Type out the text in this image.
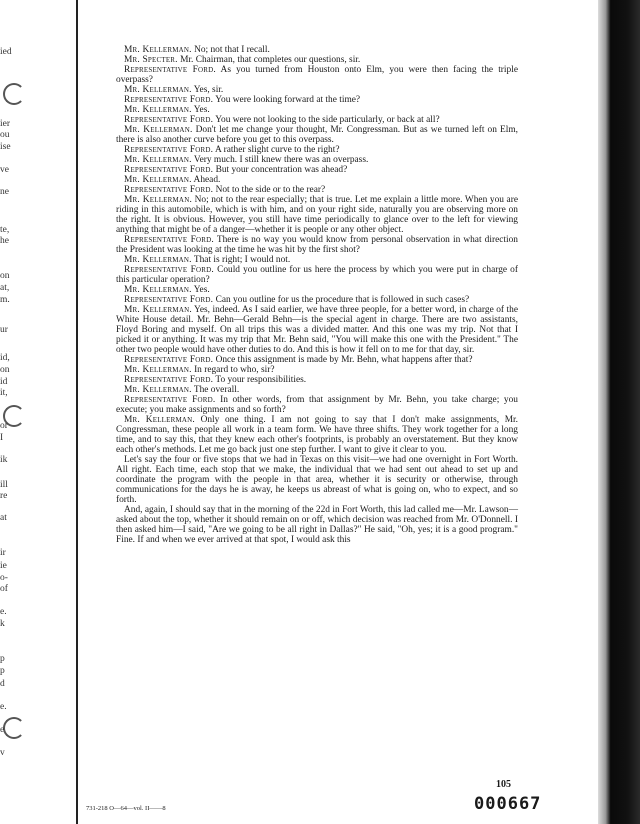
ied
ier
ou
ise
ve
ne
te,
he
on
at,
m.
ur
id,
on
id
it,
or
I
ik
ill
re
at
ir
ie
o-
of
e.
k
p
p
d
e.
e
v

Mr. Kellerman. No; not that I recall.

Mr. Specter. Mr. Chairman, that completes our questions, sir.

Representative Ford. As you turned from Houston onto Elm, you were then facing the triple overpass?

Mr. Kellerman. Yes, sir.

Representative Ford. You were looking forward at the time?

Mr. Kellerman. Yes.

Representative Ford. You were not looking to the side particularly, or back at all?

Mr. Kellerman. Don't let me change your thought, Mr. Congressman. But as we turned left on Elm, there is also another curve before you get to this overpass.

Representative Ford. A rather slight curve to the right?

Mr. Kellerman. Very much. I still knew there was an overpass.

Representative Ford. But your concentration was ahead?

Mr. Kellerman. Ahead.

Representative Ford. Not to the side or to the rear?

Mr. Kellerman. No; not to the rear especially; that is true. Let me explain a little more. When you are riding in this automobile, which is with him, and on your right side, naturally you are observing more on the right. It is obvious. However, you still have time periodically to glance over to the left for viewing anything that might be of a danger—whether it is people or any other object.

Representative Ford. There is no way you would know from personal observation in what direction the President was looking at the time he was hit by the first shot?

Mr. Kellerman. That is right; I would not.

Representative Ford. Could you outline for us here the process by which you were put in charge of this particular operation?

Mr. Kellerman. Yes.

Representative Ford. Can you outline for us the procedure that is followed in such cases?

Mr. Kellerman. Yes, indeed. As I said earlier, we have three people, for a better word, in charge of the White House detail. Mr. Behn—Gerald Behn—is the special agent in charge. There are two assistants, Floyd Boring and myself. On all trips this was a divided matter. And this one was my trip. Not that I picked it or anything. It was my trip that Mr. Behn said, "You will make this one with the President." The other two people would have other duties to do. And this is how it fell on to me for that day, sir.

Representative Ford. Once this assignment is made by Mr. Behn, what happens after that?

Mr. Kellerman. In regard to who, sir?

Representative Ford. To your responsibilities.

Mr. Kellerman. The overall.

Representative Ford. In other words, from that assignment by Mr. Behn, you take charge; you execute; you make assignments and so forth?

Mr. Kellerman. Only one thing. I am not going to say that I don't make assignments, Mr. Congressman, these people all work in a team form. We have three shifts. They work together for a long time, and to say this, that they knew each other's footprints, is probably an overstatement. But they know each other's methods. Let me go back just one step further. I want to give it clear to you.

Let's say the four or five stops that we had in Texas on this visit—we had one overnight in Fort Worth. All right. Each time, each stop that we make, the individual that we had sent out ahead to set up and coordinate the program with the people in that area, whether it is security or otherwise, through communications for the days he is away, he keeps us abreast of what is going on, who to expect, and so forth.

And, again, I should say that in the morning of the 22d in Fort Worth, this lad called me—Mr. Lawson—asked about the top, whether it should remain on or off, which decision was reached from Mr. O'Donnell. I then asked him—I said, "Are we going to be all right in Dallas?" He said, "Oh, yes; it is a good program." Fine. If and when we ever arrived at that spot, I would ask this

105
000667
731-218 O—64—vol. II——8
